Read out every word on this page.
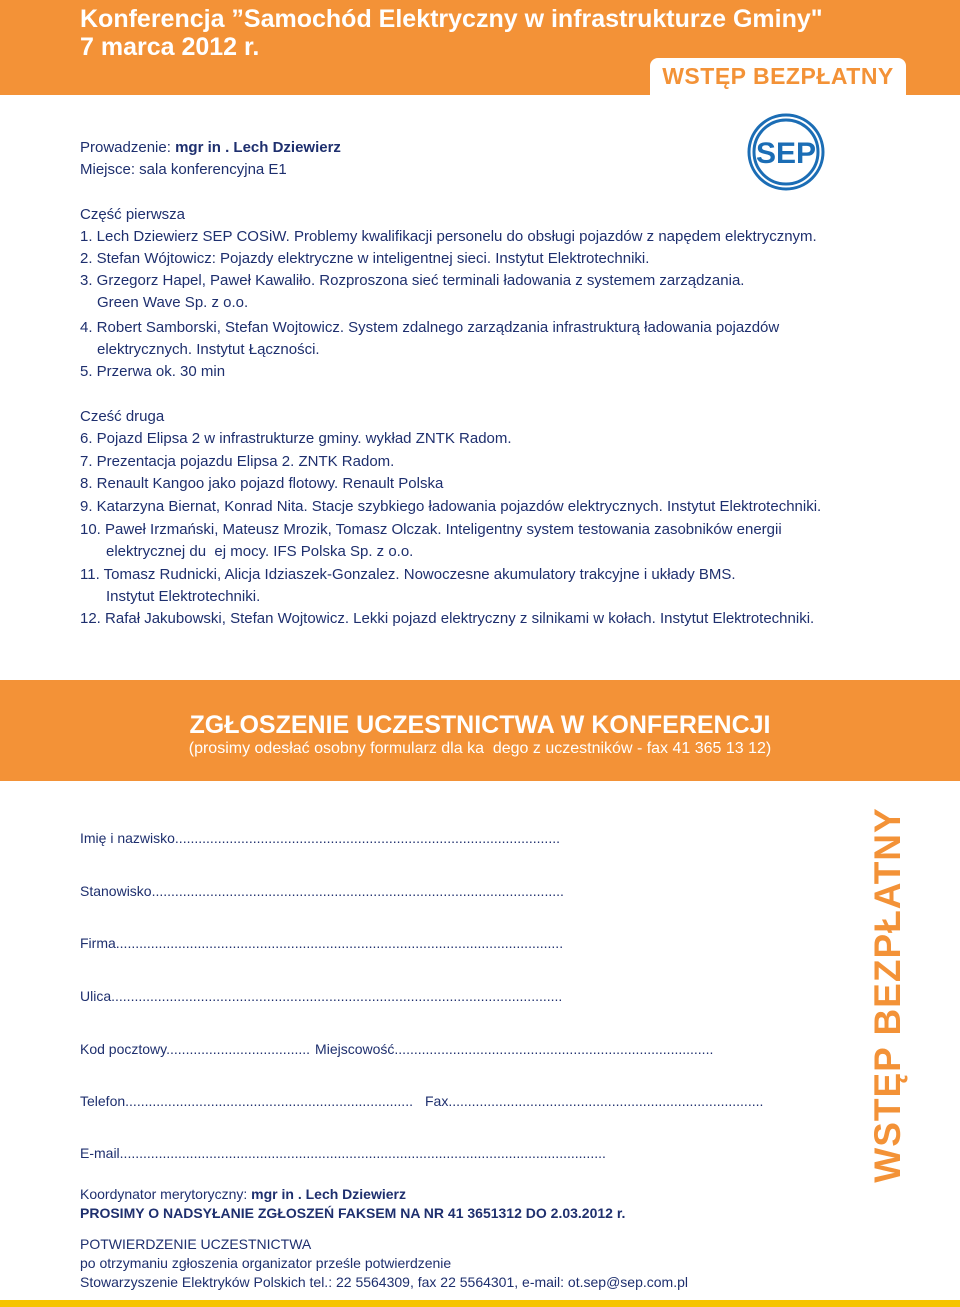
Konferencja ”Samochód Elektryczny w infrastrukturze Gminy"
7 marca 2012 r.
WSTĘP BEZPŁATNY
SEP
Prowadzenie: mgr in . Lech Dziewierz
Miejsce: sala konferencyjna E1
Część pierwsza
1. Lech Dziewierz SEP COSiW. Problemy kwalifikacji personelu do obsługi pojazdów z napędem elektrycznym.
2. Stefan Wójtowicz: Pojazdy elektryczne w inteligentnej sieci. Instytut Elektrotechniki.
3. Grzegorz Hapel, Paweł Kawaliło. Rozproszona sieć terminali ładowania z systemem zarządzania.
Green Wave Sp. z o.o.
4. Robert Samborski, Stefan Wojtowicz. System zdalnego zarządzania infrastrukturą ładowania pojazdów
elektrycznych. Instytut Łączności.
5. Przerwa ok. 30 min
Cześć druga
6. Pojazd Elipsa 2 w infrastrukturze gminy. wykład ZNTK Radom.
7. Prezentacja pojazdu Elipsa 2. ZNTK Radom.
8. Renault Kangoo jako pojazd flotowy. Renault Polska
9. Katarzyna Biernat, Konrad Nita. Stacje szybkiego ładowania pojazdów elektrycznych. Instytut Elektrotechniki.
10. Paweł Irzmański, Mateusz Mrozik, Tomasz Olczak. Inteligentny system testowania zasobników energii
elektrycznej du  ej mocy. IFS Polska Sp. z o.o.
11. Tomasz Rudnicki, Alicja Idziaszek-Gonzalez. Nowoczesne akumulatory trakcyjne i układy BMS.
Instytut Elektrotechniki.
12. Rafał Jakubowski, Stefan Wojtowicz. Lekki pojazd elektryczny z silnikami w kołach. Instytut Elektrotechniki.
ZGŁOSZENIE UCZESTNICTWA W KONFERENCJI
(prosimy odesłać osobny formularz dla ka  dego z uczestników - fax 41 365 13 12)
Imię i nazwisko...................................................................................................
Stanowisko..........................................................................................................
Firma...................................................................................................................
Ulica....................................................................................................................
Kod pocztowy..................................... Miejscowość..................................................................................
Telefon.......................................................................... Fax.................................................................................
E-mail.............................................................................................................................	WSTĘP BEZPŁATNY
Koordynator merytoryczny: mgr in . Lech Dziewierz
PROSIMY O NADSYŁANIE ZGŁOSZEŃ FAKSEM NA NR 41 3651312 DO 2.03.2012 r.
POTWIERDZENIE UCZESTNICTWA
po otrzymaniu zgłoszenia organizator prześle potwierdzenie
Stowarzyszenie Elektryków Polskich tel.: 22 5564309, fax 22 5564301, e-mail: ot.sep@sep.com.pl
